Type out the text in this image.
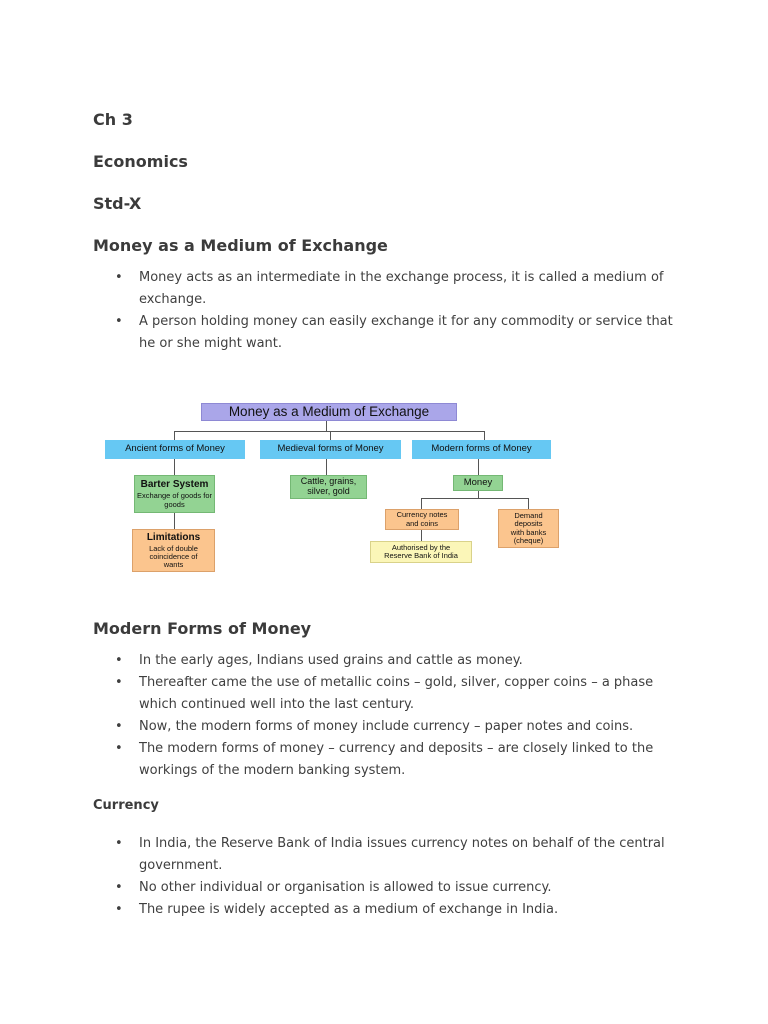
Ch 3
Economics
Std-X
Money as a Medium of Exchange
• Money acts as an intermediate in the exchange process, it is called a medium of exchange.
• A person holding money can easily exchange it for any commodity or service that he or she might want.
Money as a Medium of Exchange
Ancient forms of Money	Medieval forms of Money	Modern forms of Money
Barter System
Exchange of goods for goods
Limitations
Lack of double coincidence of wants
Cattle, grains, silver, gold
Money
Currency notes and coins
Demand deposits with banks (cheque)
Authorised by the Reserve Bank of India
Modern Forms of Money
• In the early ages, Indians used grains and cattle as money.
• Thereafter came the use of metallic coins – gold, silver, copper coins – a phase which continued well into the last century.
• Now, the modern forms of money include currency – paper notes and coins.
• The modern forms of money – currency and deposits – are closely linked to the workings of the modern banking system.
Currency
• In India, the Reserve Bank of India issues currency notes on behalf of the central government.
• No other individual or organisation is allowed to issue currency.
• The rupee is widely accepted as a medium of exchange in India.
